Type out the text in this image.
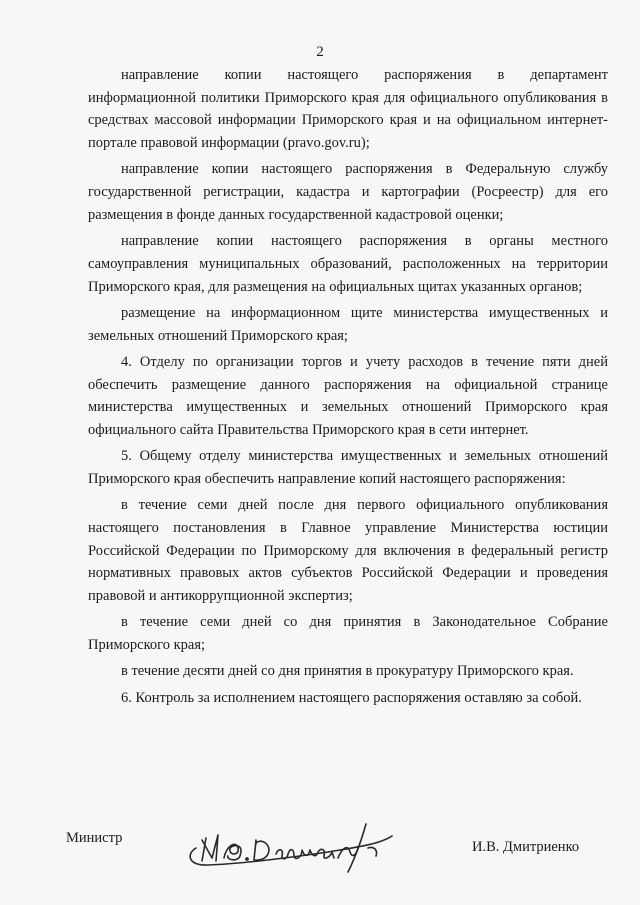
2

направление копии настоящего распоряжения в департамент информационной политики Приморского края для официального опубликования в средствах массовой информации Приморского края и на официальном интернет-портале правовой информации (pravo.gov.ru);

направление копии настоящего распоряжения в Федеральную службу государственной регистрации, кадастра и картографии (Росреестр) для его размещения в фонде данных государственной кадастровой оценки;

направление копии настоящего распоряжения в органы местного самоуправления муниципальных образований, расположенных на территории Приморского края, для размещения на официальных щитах указанных органов;

размещение на информационном щите министерства имущественных и земельных отношений Приморского края;

4. Отделу по организации торгов и учету расходов в течение пяти дней обеспечить размещение данного распоряжения на официальной странице министерства имущественных и земельных отношений Приморского края официального сайта Правительства Приморского края в сети интернет.

5. Общему отделу министерства имущественных и земельных отношений Приморского края обеспечить направление копий настоящего распоряжения:

в течение семи дней после дня первого официального опубликования настоящего постановления в Главное управление Министерства юстиции Российской Федерации по Приморскому для включения в федеральный регистр нормативных правовых актов субъектов Российской Федерации и проведения правовой и антикоррупционной экспертиз;

в течение семи дней со дня принятия в Законодательное Собрание Приморского края;

в течение десяти дней со дня принятия в прокуратуру Приморского края.

6. Контроль за исполнением настоящего распоряжения оставляю за собой.

Министр
И.В. Дмитриенко
